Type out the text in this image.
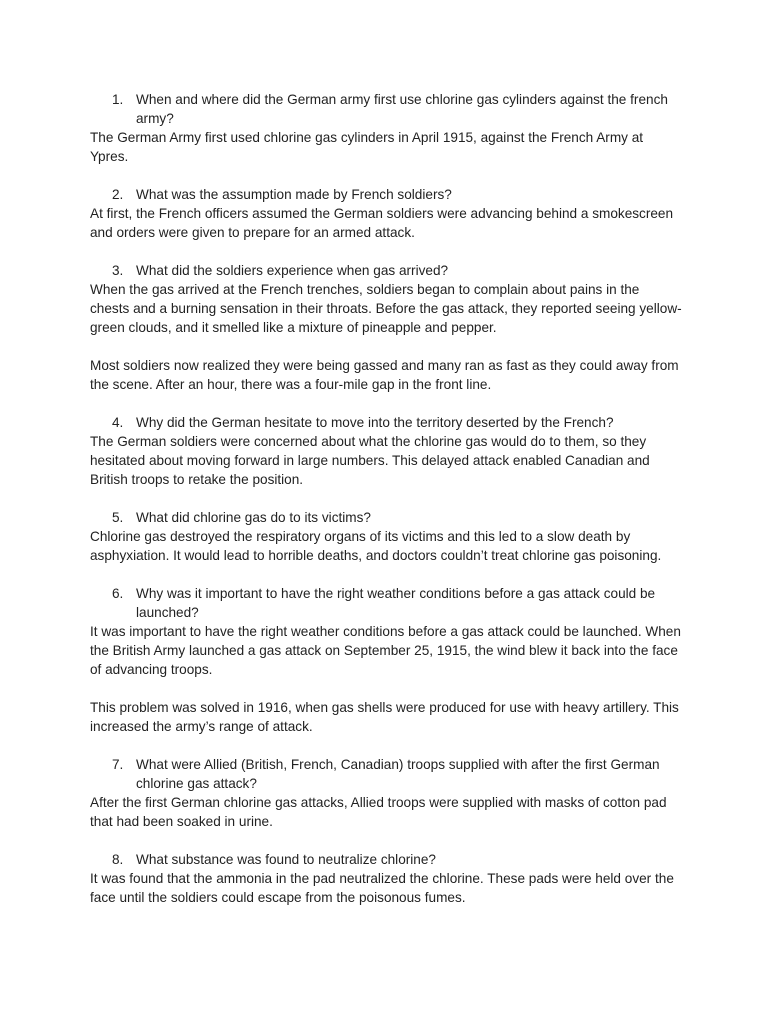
1. When and where did the German army first use chlorine gas cylinders against the french army?

The German Army first used chlorine gas cylinders in April 1915, against the French Army at Ypres.

2. What was the assumption made by French soldiers?

At first, the French officers assumed the German soldiers were advancing behind a smokescreen and orders were given to prepare for an armed attack.

3. What did the soldiers experience when gas arrived?

When the gas arrived at the French trenches, soldiers began to complain about pains in the chests and a burning sensation in their throats. Before the gas attack, they reported seeing yellow-green clouds, and it smelled like a mixture of pineapple and pepper.

Most soldiers now realized they were being gassed and many ran as fast as they could away from the scene. After an hour, there was a four-mile gap in the front line.

4. Why did the German hesitate to move into the territory deserted by the French?

The German soldiers were concerned about what the chlorine gas would do to them, so they hesitated about moving forward in large numbers. This delayed attack enabled Canadian and British troops to retake the position.

5. What did chlorine gas do to its victims?

Chlorine gas destroyed the respiratory organs of its victims and this led to a slow death by asphyxiation. It would lead to horrible deaths, and doctors couldn’t treat chlorine gas poisoning.

6. Why was it important to have the right weather conditions before a gas attack could be launched?

It was important to have the right weather conditions before a gas attack could be launched. When the British Army launched a gas attack on September 25, 1915, the wind blew it back into the face of advancing troops.

This problem was solved in 1916, when gas shells were produced for use with heavy artillery. This increased the army’s range of attack.

7. What were Allied (British, French, Canadian) troops supplied with after the first German chlorine gas attack?

After the first German chlorine gas attacks, Allied troops were supplied with masks of cotton pad that had been soaked in urine.

8. What substance was found to neutralize chlorine?

It was found that the ammonia in the pad neutralized the chlorine. These pads were held over the face until the soldiers could escape from the poisonous fumes.
